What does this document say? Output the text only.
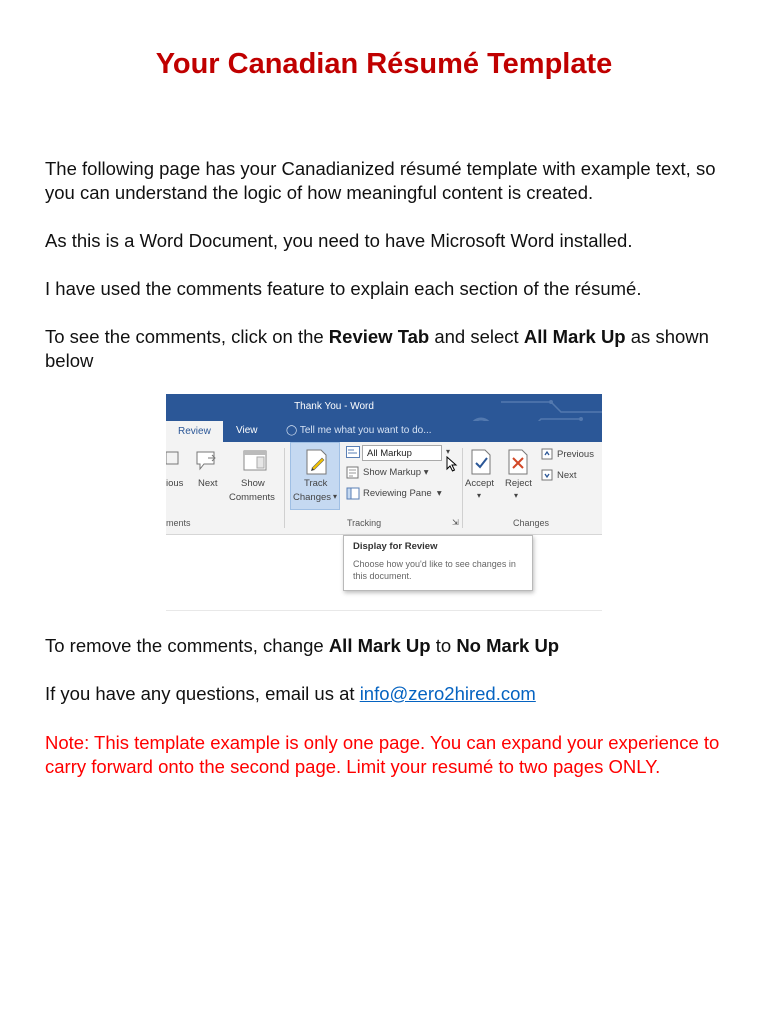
Your Canadian Résumé Template

The following page has your Canadianized résumé template with example text, so you can understand the logic of how meaningful content is created.

As this is a Word Document, you need to have Microsoft Word installed.

I have used the comments feature to explain each section of the résumé.

To see the comments, click on the Review Tab and select All Mark Up as shown below

Thank You - Word
Review	View	◯ Tell me what you want to do...
ious Next Show
Comments
ments
Track
Changes ▾
All Markup	▾
Show Markup ▾
Reviewing Pane  ▾
Tracking	⇲
Accept
▾
Reject
▾
Previous
Next
Changes
Display for Review
Choose how you'd like to see changes in this document.

To remove the comments, change All Mark Up to No Mark Up

If you have any questions, email us at info@zero2hired.com

Note: This template example is only one page. You can expand your experience to carry forward onto the second page. Limit your resumé to two pages ONLY.
